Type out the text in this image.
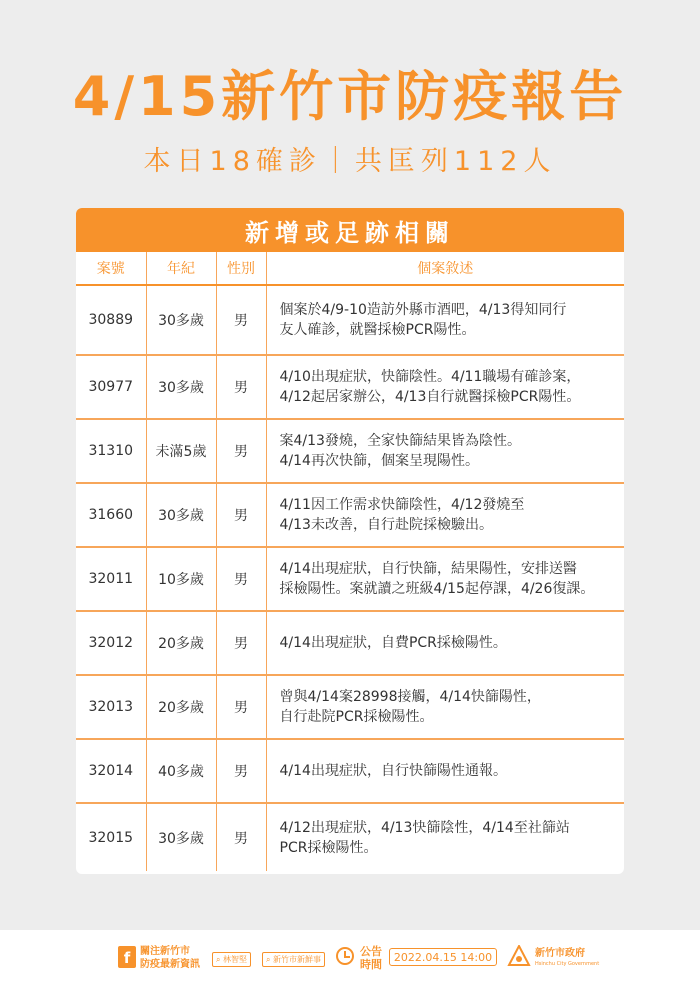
4/15新竹市防疫報告
本日18確診｜共匡列112人
新增或足跡相關
案號	年紀	性別	個案敘述
30889	30多歲	男	個案於4/9-10造訪外縣市酒吧，4/13得知同行
友人確診，就醫採檢PCR陽性。

30977	30多歲	男	4/10出現症狀，快篩陰性。4/11職場有確診案，
4/12起居家辦公，4/13自行就醫採檢PCR陽性。

31310	未滿5歲	男	案4/13發燒，全家快篩結果皆為陰性。
4/14再次快篩，個案呈現陽性。

31660	30多歲	男	4/11因工作需求快篩陰性，4/12發燒至
4/13未改善，自行赴院採檢驗出。

32011	10多歲	男	4/14出現症狀，自行快篩，結果陽性，安排送醫
採檢陽性。案就讀之班級4/15起停課，4/26復課。

32012	20多歲	男	4/14出現症狀，自費PCR採檢陽性。

32013	20多歲	男	曾與4/14案28998接觸，4/14快篩陽性，
自行赴院PCR採檢陽性。

32014	40多歲	男	4/14出現症狀，自行快篩陽性通報。

32015	30多歲	男	4/12出現症狀，4/13快篩陰性，4/14至社篩站
PCR採檢陽性。
f 關注新竹市
防疫最新資訊	⌕ 林智堅	⌕ 新竹市新鮮事
公告
時間
2022.04.15 14:00	新竹市政府
Hsinchu City Government
